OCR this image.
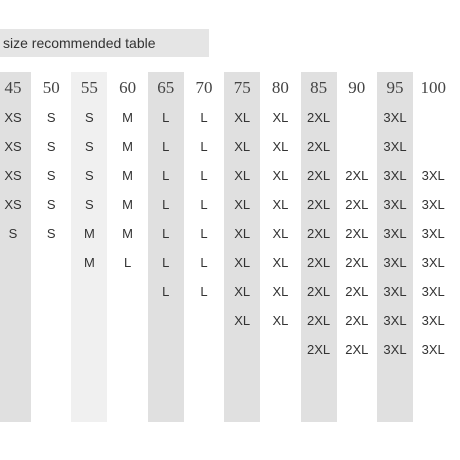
size recommended table
45
XS
XS
XS
XS
S
50
S
S
S
S
S
55
S
S
S
S
M
M
60
M
M
M
M
M
L
65
L
L
L
L
L
L
L
70
L
L
L
L
L
L
L
75
XL
XL
XL
XL
XL
XL
XL
XL
80
XL
XL
XL
XL
XL
XL
XL
XL
85
2XL
2XL
2XL
2XL
2XL
2XL
2XL
2XL
2XL
90
2XL
2XL
2XL
2XL
2XL
2XL
2XL
95
3XL
3XL
3XL
3XL
3XL
3XL
3XL
3XL
3XL
100
3XL
3XL
3XL
3XL
3XL
3XL
3XL
